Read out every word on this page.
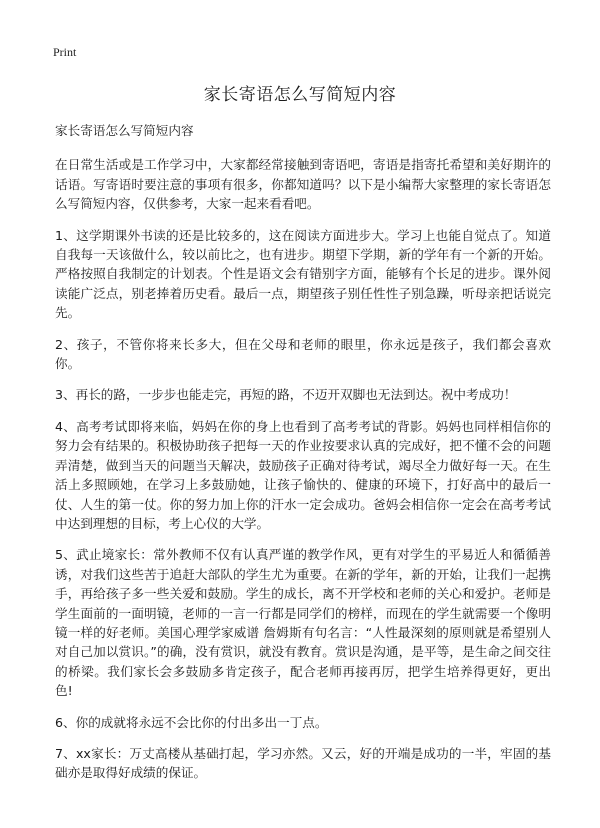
Print
家长寄语怎么写简短内容

家长寄语怎么写简短内容

在日常生活或是工作学习中，大家都经常接触到寄语吧，寄语是指寄托希望和美好期许的话语。写寄语时要注意的事项有很多，你都知道吗？以下是小编帮大家整理的家长寄语怎么写简短内容，仅供参考，大家一起来看看吧。

1、这学期课外书读的还是比较多的，这在阅读方面进步大。学习上也能自觉点了。知道自我每一天该做什么，较以前比之，也有进步。期望下学期，新的学年有一个新的开始。严格按照自我制定的计划表。个性是语文会有错别字方面，能够有个长足的进步。课外阅读能广泛点，别老捧着历史看。最后一点，期望孩子别任性性子别急躁，听母亲把话说完先。

2、孩子，不管你将来长多大，但在父母和老师的眼里，你永远是孩子，我们都会喜欢你。

3、再长的路，一步步也能走完，再短的路，不迈开双脚也无法到达。祝中考成功！

4、高考考试即将来临，妈妈在你的身上也看到了高考考试的背影。妈妈也同样相信你的努力会有结果的。积极协助孩子把每一天的作业按要求认真的完成好，把不懂不会的问题弄清楚，做到当天的问题当天解决，鼓励孩子正确对待考试，竭尽全力做好每一天。在生活上多照顾她，在学习上多鼓励她，让孩子愉快的、健康的环境下，打好高中的最后一仗、人生的第一仗。你的努力加上你的汗水一定会成功。爸妈会相信你一定会在高考考试中达到理想的目标，考上心仪的大学。

5、武止境家长：常外教师不仅有认真严谨的教学作风，更有对学生的平易近人和循循善诱，对我们这些苦于追赶大部队的学生尤为重要。在新的学年，新的开始，让我们一起携手，再给孩子多一些关爱和鼓励。学生的成长，离不开学校和老师的关心和爱护。老师是学生面前的一面明镜，老师的一言一行都是同学们的榜样，而现在的学生就需要一个像明镜一样的好老师。美国心理学家威谱 詹姆斯有句名言：“人性最深刻的原则就是希望别人对自己加以赏识。”的确，没有赏识，就没有教育。赏识是沟通，是平等，是生命之间交往的桥梁。我们家长会多鼓励多肯定孩子，配合老师再接再厉，把学生培养得更好，更出色!

6、你的成就将永远不会比你的付出多出一丁点。

7、xx家长：万丈高楼从基础打起，学习亦然。又云，好的开端是成功的一半，牢固的基础亦是取得好成绩的保证。
